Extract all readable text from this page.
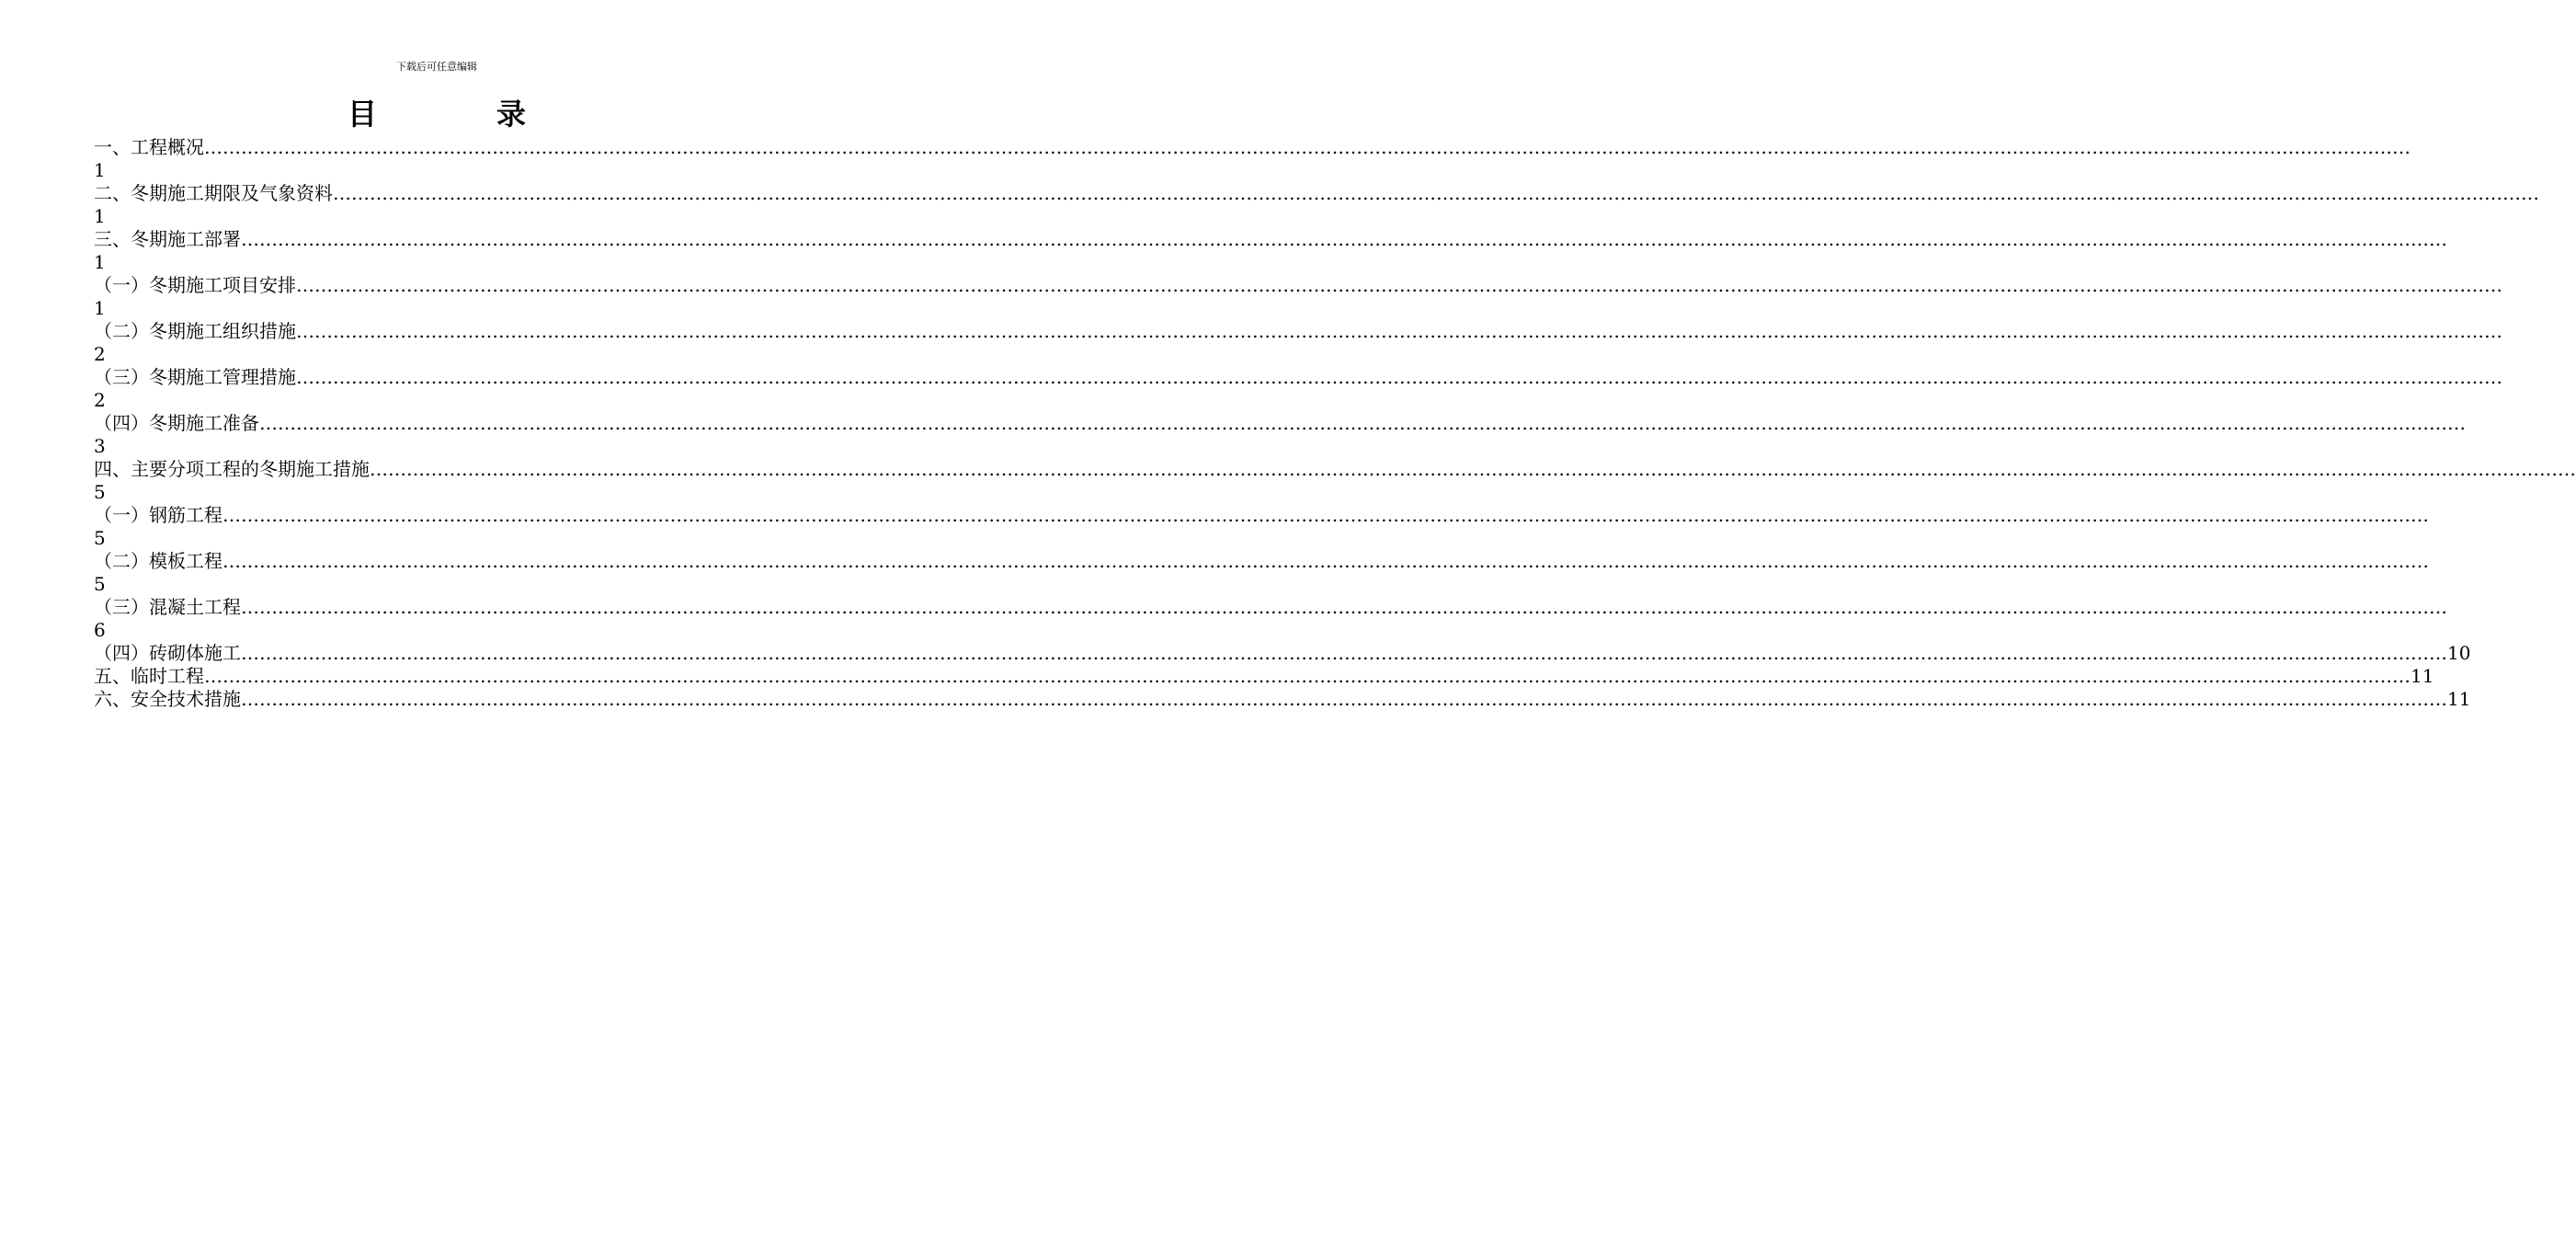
下载后可任意编辑
目	录
一、工程概况 ………………………………………………………………………………………………………………………………………………………………………………………………………………………………………………………………………………………………………………………………
1
二、冬期施工期限及气象资料 ………………………………………………………………………………………………………………………………………………………………………………………………………………………………………………………………………………………………………………………………
1
三、冬期施工部署 ………………………………………………………………………………………………………………………………………………………………………………………………………………………………………………………………………………………………………………………………
1
（一）冬期施工项目安排 ………………………………………………………………………………………………………………………………………………………………………………………………………………………………………………………………………………………………………………………………
1
（二）冬期施工组织措施 ………………………………………………………………………………………………………………………………………………………………………………………………………………………………………………………………………………………………………………………………
2
（三）冬期施工管理措施 ………………………………………………………………………………………………………………………………………………………………………………………………………………………………………………………………………………………………………………………………
2
（四）冬期施工准备 ………………………………………………………………………………………………………………………………………………………………………………………………………………………………………………………………………………………………………………………………
3
四、主要分项工程的冬期施工措施 ………………………………………………………………………………………………………………………………………………………………………………………………………………………………………………………………………………………………………………………………
5
（一）钢筋工程 ………………………………………………………………………………………………………………………………………………………………………………………………………………………………………………………………………………………………………………………………
5
（二）模板工程 ………………………………………………………………………………………………………………………………………………………………………………………………………………………………………………………………………………………………………………………………
5
（三）混凝土工程 ………………………………………………………………………………………………………………………………………………………………………………………………………………………………………………………………………………………………………………………………
6
（四）砖砌体施工 ……………………………………………………………………………………………………………………………………………………………………………………………………………………………………………………………………………………………………………………………… 10
五、临时工程 ……………………………………………………………………………………………………………………………………………………………………………………………………………………………………………………………………………………………………………………………… 11
六、安全技术措施 ……………………………………………………………………………………………………………………………………………………………………………………………………………………………………………………………………………………………………………………………… 11
